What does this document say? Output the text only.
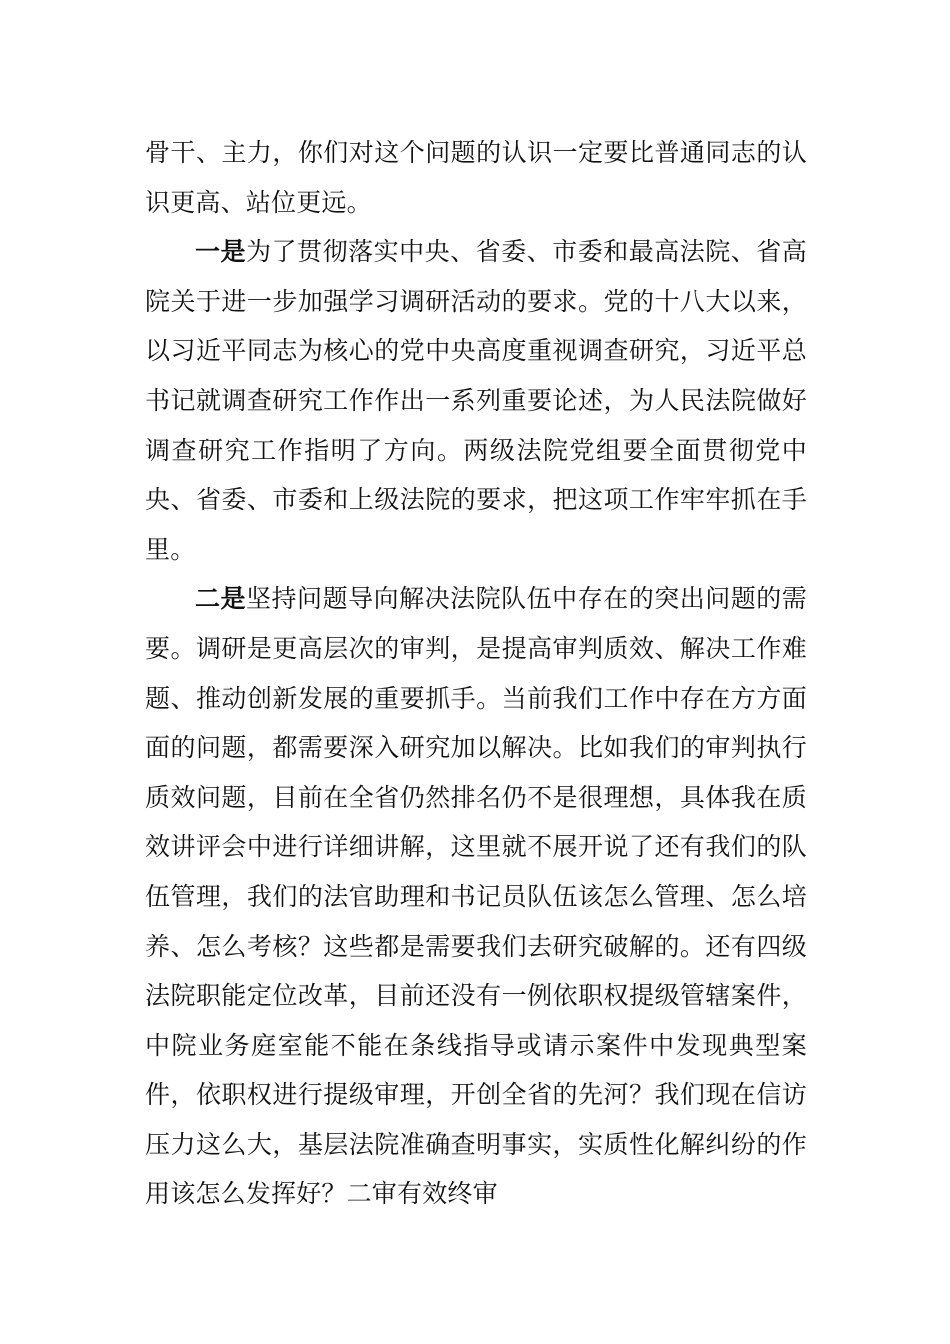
骨干、主力，你们对这个问题的认识一定要比普通同志的认识更高、站位更远。

一是为了贯彻落实中央、省委、市委和最高法院、省高院关于进一步加强学习调研活动的要求。党的十八大以来，以习近平同志为核心的党中央高度重视调查研究，习近平总书记就调查研究工作作出一系列重要论述，为人民法院做好调查研究工作指明了方向。两级法院党组要全面贯彻党中央、省委、市委和上级法院的要求，把这项工作牢牢抓在手里。

二是坚持问题导向解决法院队伍中存在的突出问题的需要。调研是更高层次的审判，是提高审判质效、解决工作难题、推动创新发展的重要抓手。当前我们工作中存在方方面面的问题，都需要深入研究加以解决。比如我们的审判执行质效问题，目前在全省仍然排名仍不是很理想，具体我在质效讲评会中进行详细讲解，这里就不展开说了还有我们的队伍管理，我们的法官助理和书记员队伍该怎么管理、怎么培养、怎么考核？这些都是需要我们去研究破解的。还有四级法院职能定位改革，目前还没有一例依职权提级管辖案件，中院业务庭室能不能在条线指导或请示案件中发现典型案件，依职权进行提级审理，开创全省的先河？我们现在信访压力这么大，基层法院准确查明事实，实质性化解纠纷的作用该怎么发挥好？二审有效终审
